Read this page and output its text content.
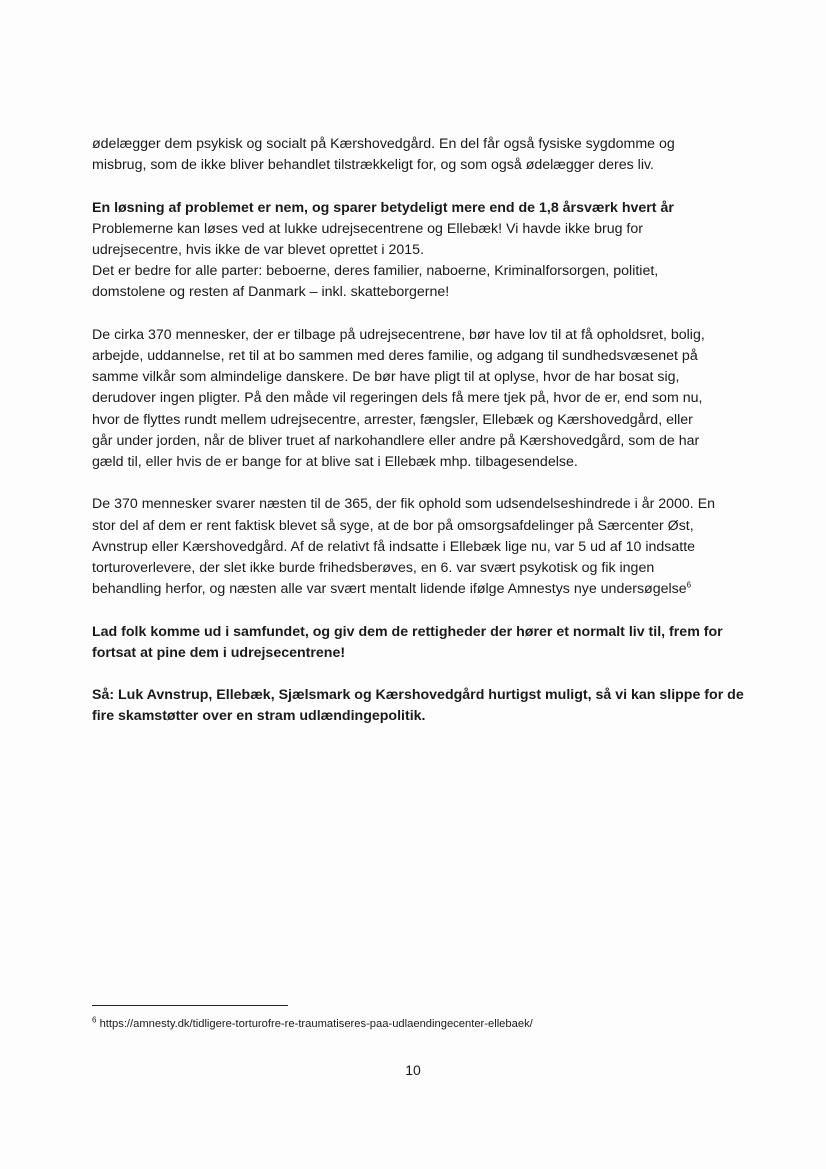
ødelægger dem psykisk og socialt på Kærshovedgård. En del får også fysiske sygdomme og
misbrug, som de ikke bliver behandlet tilstrækkeligt for, og som også ødelægger deres liv.

En løsning af problemet er nem, og sparer betydeligt mere end de 1,8 årsværk hvert år
Problemerne kan løses ved at lukke udrejsecentrene og Ellebæk! Vi havde ikke brug for
udrejsecentre, hvis ikke de var blevet oprettet i 2015.
Det er bedre for alle parter: beboerne, deres familier, naboerne, Kriminalforsorgen, politiet,
domstolene og resten af Danmark – inkl. skatteborgerne!

De cirka 370 mennesker, der er tilbage på udrejsecentrene, bør have lov til at få opholdsret, bolig,
arbejde, uddannelse, ret til at bo sammen med deres familie, og adgang til sundhedsvæsenet på
samme vilkår som almindelige danskere. De bør have pligt til at oplyse, hvor de har bosat sig,
derudover ingen pligter. På den måde vil regeringen dels få mere tjek på, hvor de er, end som nu,
hvor de flyttes rundt mellem udrejsecentre, arrester, fængsler, Ellebæk og Kærshovedgård, eller
går under jorden, når de bliver truet af narkohandlere eller andre på Kærshovedgård, som de har
gæld til, eller hvis de er bange for at blive sat i Ellebæk mhp. tilbagesendelse.

De 370 mennesker svarer næsten til de 365, der fik ophold som udsendelseshindrede i år 2000. En
stor del af dem er rent faktisk blevet så syge, at de bor på omsorgsafdelinger på Særcenter Øst,
Avnstrup eller Kærshovedgård. Af de relativt få indsatte i Ellebæk lige nu, var 5 ud af 10 indsatte
torturoverlevere, der slet ikke burde frihedsberøves, en 6. var svært psykotisk og fik ingen
behandling herfor, og næsten alle var svært mentalt lidende ifølge Amnestys nye undersøgelse$^6$

Lad folk komme ud i samfundet, og giv dem de rettigheder der hører et normalt liv til, frem for
fortsat at pine dem i udrejsecentrene!

Så: Luk Avnstrup, Ellebæk, Sjælsmark og Kærshovedgård hurtigst muligt, så vi kan slippe for de
fire skamstøtter over en stram udlændingepolitik.

$^6$ https://amnesty.dk/tidligere-torturofre-re-traumatiseres-paa-udlaendingecenter-ellebaek/
10
